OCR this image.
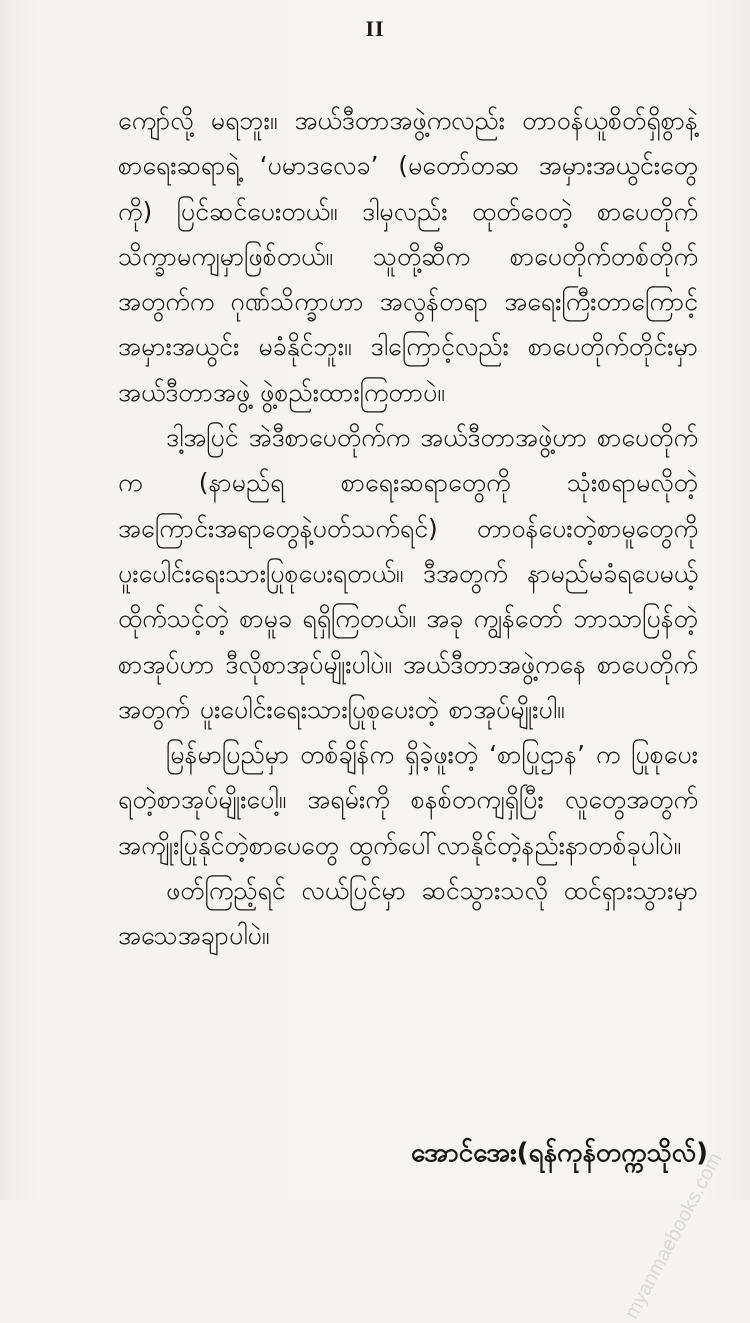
II

ကျော်လို့ မရဘူး။ အယ်ဒီတာအဖွဲ့ကလည်း တာဝန်ယူစိတ်ရှိစွာနဲ့ စာရေးဆရာရဲ့ ‘ပမာဒလေခ’ (မတော်တဆ အမှားအယွင်းတွေကို) ပြင်ဆင်ပေးတယ်။ ဒါမှလည်း ထုတ်ဝေတဲ့ စာပေတိုက် သိက္ခာမကျမှာဖြစ်တယ်။ သူတို့ဆီက စာပေတိုက်တစ်တိုက်အတွက်က ဂုဏ်သိက္ခာဟာ အလွန်တရာ အရေးကြီးတာကြောင့် အမှားအယွင်း မခံနိုင်ဘူး။ ဒါကြောင့်လည်း စာပေတိုက်တိုင်းမှာ အယ်ဒီတာအဖွဲ့ ဖွဲ့စည်းထားကြတာပဲ။

ဒါ့အပြင် အဲဒီစာပေတိုက်က အယ်ဒီတာအဖွဲ့ဟာ စာပေတိုက်က (နာမည်ရ စာရေးဆရာတွေကို သုံးစရာမလိုတဲ့ အကြောင်းအရာတွေနဲ့ပတ်သက်ရင်) တာဝန်ပေးတဲ့စာမူတွေကို ပူးပေါင်းရေးသားပြုစုပေးရတယ်။ ဒီအတွက် နာမည်မခံရပေမယ့် ထိုက်သင့်တဲ့ စာမူခ ရရှိကြတယ်။ အခု ကျွန်တော် ဘာသာပြန်တဲ့ စာအုပ်ဟာ ဒီလိုစာအုပ်မျိုးပါပဲ။ အယ်ဒီတာအဖွဲ့ကနေ စာပေတိုက်အတွက် ပူးပေါင်းရေးသားပြုစုပေးတဲ့ စာအုပ်မျိုးပါ။

မြန်မာပြည်မှာ တစ်ချိန်က ရှိခဲ့ဖူးတဲ့ ‘စာပြုဌာန’ က ပြုစုပေးရတဲ့စာအုပ်မျိုးပေါ့။ အရမ်းကို စနစ်တကျရှိပြီး လူတွေအတွက်အကျိုးပြုနိုင်တဲ့စာပေတွေ ထွက်ပေါ်လာနိုင်တဲ့နည်းနာတစ်ခုပါပဲ။

ဖတ်ကြည့်ရင် လယ်ပြင်မှာ ဆင်သွားသလို ထင်ရှားသွားမှာ အသေအချာပါပဲ။

အောင်အေး(ရန်ကုန်တက္ကသိုလ်)
myanmaebooks.com
